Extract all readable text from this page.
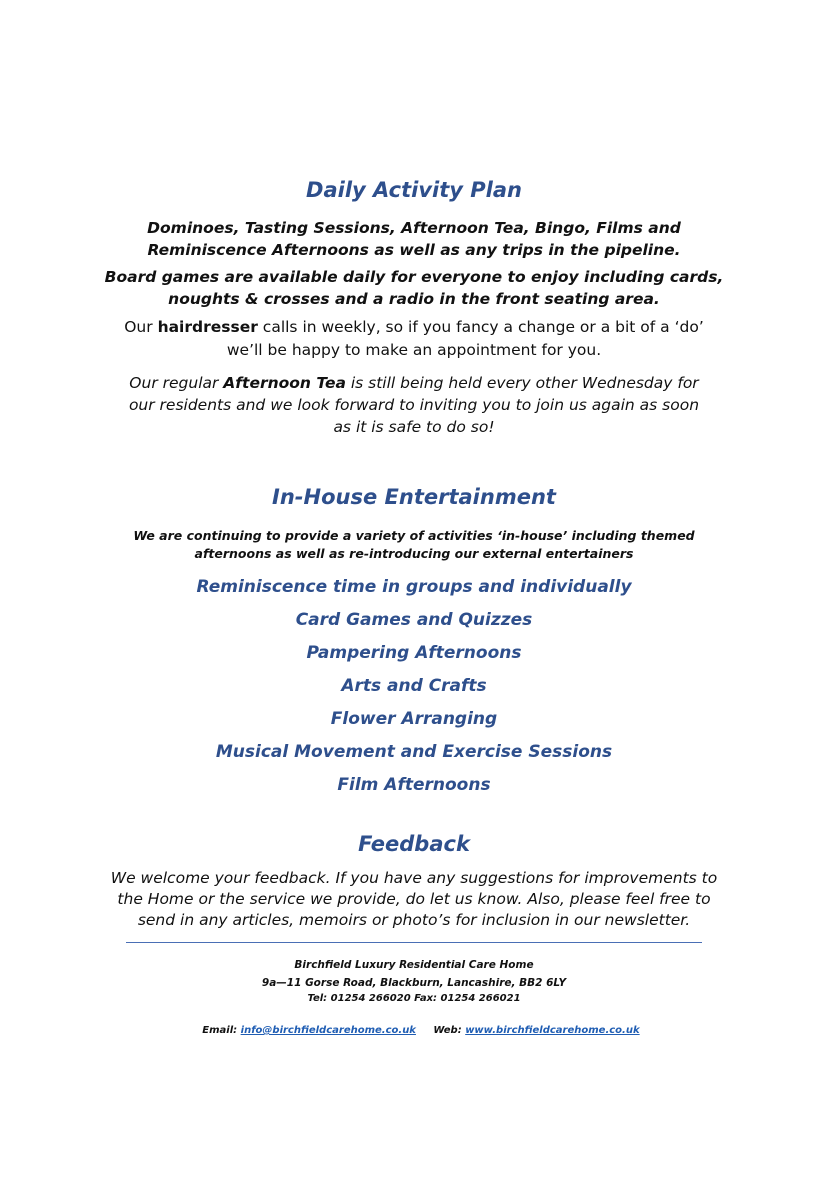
Daily Activity Plan
Dominoes, Tasting Sessions, Afternoon Tea, Bingo, Films and
Reminiscence Afternoons as well as any trips in the pipeline.
Board games are available daily for everyone to enjoy including cards,
noughts & crosses and a radio in the front seating area.
Our hairdresser calls in weekly, so if you fancy a change or a bit of a ‘do’
we’ll be happy to make an appointment for you.
Our regular Afternoon Tea is still being held every other Wednesday for
our residents and we look forward to inviting you to join us again as soon
as it is safe to do so!
In-House Entertainment
We are continuing to provide a variety of activities ‘in-house’ including themed
afternoons as well as re-introducing our external entertainers
Reminiscence time in groups and individually
Card Games and Quizzes
Pampering Afternoons
Arts and Crafts
Flower Arranging
Musical Movement and Exercise Sessions
Film Afternoons
Feedback
We welcome your feedback. If you have any suggestions for improvements to
the Home or the service we provide, do let us know. Also, please feel free to
send in any articles, memoirs or photo’s for inclusion in our newsletter.
Birchfield Luxury Residential Care Home
9a—11 Gorse Road, Blackburn, Lancashire, BB2 6LY
Tel: 01254 266020 Fax: 01254 266021

Email: info@birchfieldcarehome.co.uk     Web: www.birchfieldcarehome.co.uk
